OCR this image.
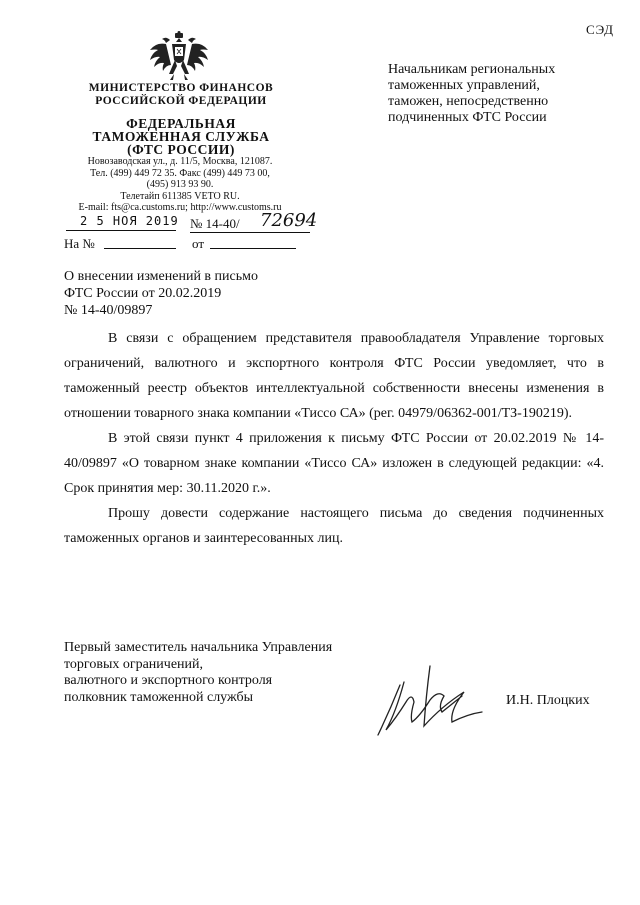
СЭД
МИНИСТЕРСТВО ФИНАНСОВ
РОССИЙСКОЙ ФЕДЕРАЦИИ
ФЕДЕРАЛЬНАЯ
ТАМОЖЕННАЯ СЛУЖБА
(ФТС РОССИИ)
Новозаводская ул., д. 11/5, Москва, 121087.
Тел. (499) 449 72 35. Факс (499) 449 73 00,
(495) 913 93 90.
Телетайп 611385 VETO RU.
E-mail: fts@ca.customs.ru; http://www.customs.ru
2 5 НОЯ 2019 № 14-40/ 72694
На №	от
Начальникам региональных
таможенных управлений,
таможен, непосредственно
подчиненных ФТС России
О внесении изменений в письмо
ФТС России от 20.02.2019
№ 14-40/09897

В связи с обращением представителя правообладателя Управление торговых ограничений, валютного и экспортного контроля ФТС России уведомляет, что в таможенный реестр объектов интеллектуальной собственности внесены изменения в отношении товарного знака компании «Тиссо СА» (рег. 04979/06362-001/ТЗ-190219).

В этой связи пункт 4 приложения к письму ФТС России от 20.02.2019 № 14-40/09897 «О товарном знаке компании «Тиссо СА» изложен в следующей редакции: «4. Срок принятия мер: 30.11.2020 г.».

Прошу довести содержание настоящего письма до сведения подчиненных таможенных органов и заинтересованных лиц.

Первый заместитель начальника Управления
торговых ограничений,
валютного и экспортного контроля
полковник таможенной службы	И.Н. Плоцких
